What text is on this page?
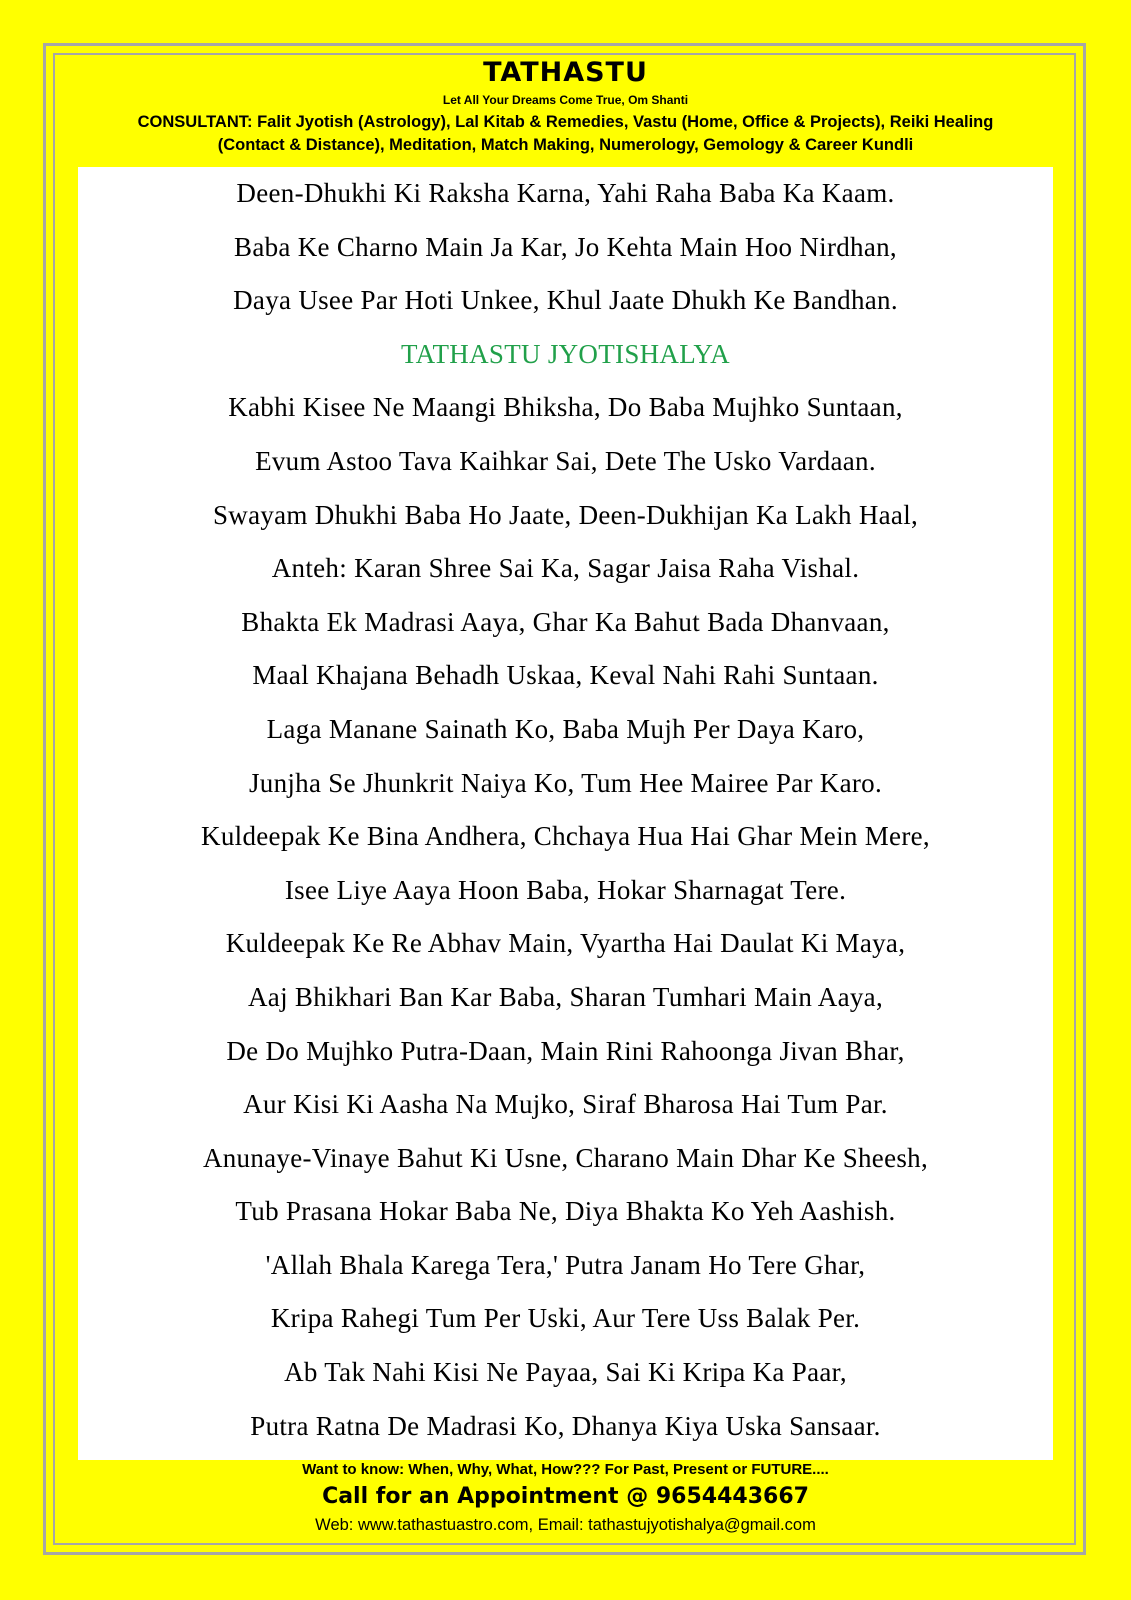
TATHASTU
Let All Your Dreams Come True, Om Shanti
CONSULTANT: Falit Jyotish (Astrology), Lal Kitab & Remedies, Vastu (Home, Office & Projects), Reiki Healing
(Contact & Distance), Meditation, Match Making, Numerology, Gemology & Career Kundli
Deen-Dhukhi Ki Raksha Karna, Yahi Raha Baba Ka Kaam.
Baba Ke Charno Main Ja Kar, Jo Kehta Main Hoo Nirdhan,
Daya Usee Par Hoti Unkee, Khul Jaate Dhukh Ke Bandhan.
TATHASTU JYOTISHALYA
Kabhi Kisee Ne Maangi Bhiksha, Do Baba Mujhko Suntaan,
Evum Astoo Tava Kaihkar Sai, Dete The Usko Vardaan.
Swayam Dhukhi Baba Ho Jaate, Deen-Dukhijan Ka Lakh Haal,
Anteh: Karan Shree Sai Ka, Sagar Jaisa Raha Vishal.
Bhakta Ek Madrasi Aaya, Ghar Ka Bahut Bada Dhanvaan,
Maal Khajana Behadh Uskaa, Keval Nahi Rahi Suntaan.
Laga Manane Sainath Ko, Baba Mujh Per Daya Karo,
Junjha Se Jhunkrit Naiya Ko, Tum Hee Mairee Par Karo.
Kuldeepak Ke Bina Andhera, Chchaya Hua Hai Ghar Mein Mere,
Isee Liye Aaya Hoon Baba, Hokar Sharnagat Tere.
Kuldeepak Ke Re Abhav Main, Vyartha Hai Daulat Ki Maya,
Aaj Bhikhari Ban Kar Baba, Sharan Tumhari Main Aaya,
De Do Mujhko Putra-Daan, Main Rini Rahoonga Jivan Bhar,
Aur Kisi Ki Aasha Na Mujko, Siraf Bharosa Hai Tum Par.
Anunaye-Vinaye Bahut Ki Usne, Charano Main Dhar Ke Sheesh,
Tub Prasana Hokar Baba Ne, Diya Bhakta Ko Yeh Aashish.
'Allah Bhala Karega Tera,' Putra Janam Ho Tere Ghar,
Kripa Rahegi Tum Per Uski, Aur Tere Uss Balak Per.
Ab Tak Nahi Kisi Ne Payaa, Sai Ki Kripa Ka Paar,
Putra Ratna De Madrasi Ko, Dhanya Kiya Uska Sansaar.
Want to know: When, Why, What, How??? For Past, Present or FUTURE....
Call for an Appointment @ 9654443667
Web: www.tathastuastro.com, Email: tathastujyotishalya@gmail.com
